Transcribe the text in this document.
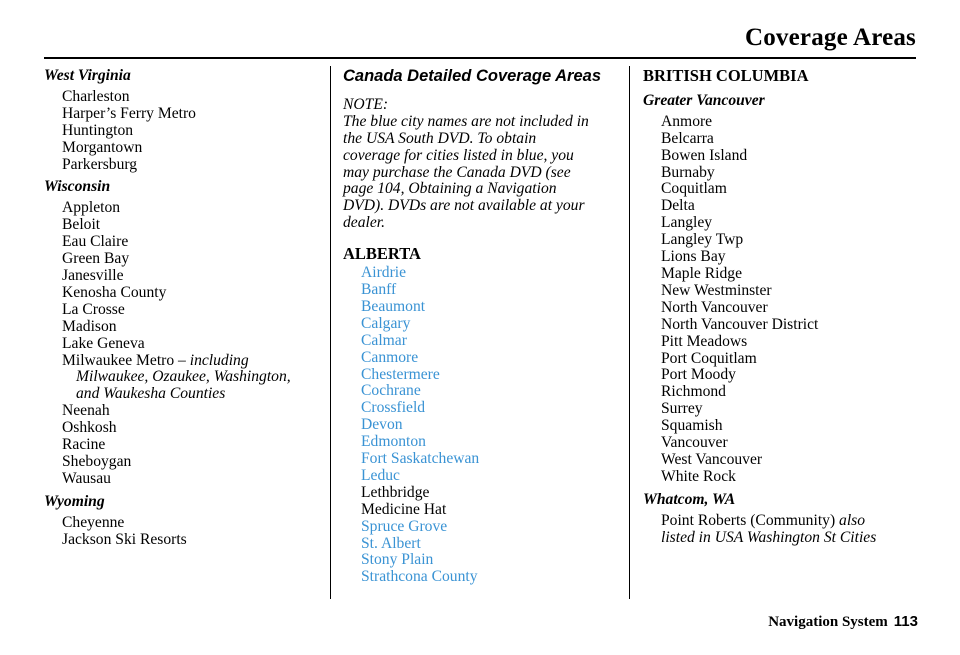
Coverage Areas

West Virginia

Charleston
Harper’s Ferry Metro
Huntington
Morgantown
Parkersburg

Wisconsin

Appleton
Beloit
Eau Claire
Green Bay
Janesville
Kenosha County
La Crosse
Madison
Lake Geneva
Milwaukee Metro – including
Milwaukee, Ozaukee, Washington,
and Waukesha Counties
Neenah
Oshkosh
Racine
Sheboygan
Wausau

Wyoming

Cheyenne
Jackson Ski Resorts

Canada Detailed Coverage Areas

NOTE:
The blue city names are not included in
the USA South DVD. To obtain
coverage for cities listed in blue, you
may purchase the Canada DVD (see
page 104, Obtaining a Navigation
DVD). DVDs are not available at your
dealer.

ALBERTA

Airdrie
Banff
Beaumont
Calgary
Calmar
Canmore
Chestermere
Cochrane
Crossfield
Devon
Edmonton
Fort Saskatchewan
Leduc
Lethbridge
Medicine Hat
Spruce Grove
St. Albert
Stony Plain
Strathcona County

BRITISH COLUMBIA

Greater Vancouver

Anmore
Belcarra
Bowen Island
Burnaby
Coquitlam
Delta
Langley
Langley Twp
Lions Bay
Maple Ridge
New Westminster
North Vancouver
North Vancouver District
Pitt Meadows
Port Coquitlam
Port Moody
Richmond
Surrey
Squamish
Vancouver
West Vancouver
White Rock

Whatcom, WA

Point Roberts (Community) also
listed in USA Washington St Cities
Navigation System 113
